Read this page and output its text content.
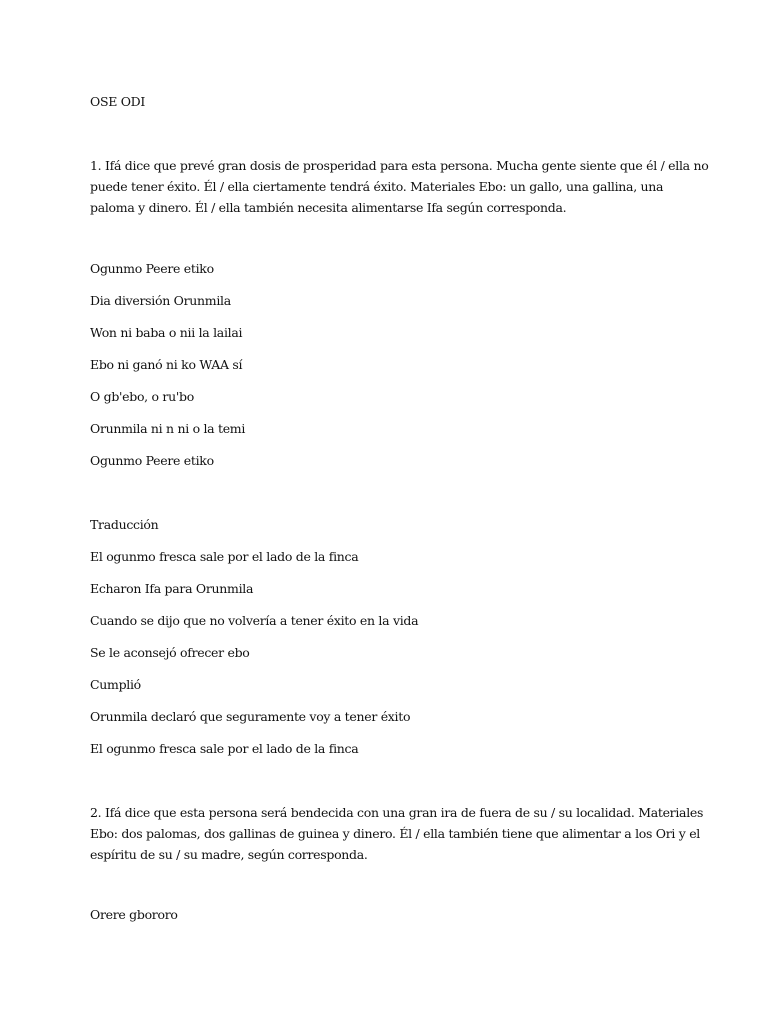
OSE ODI

1. Ifá dice que prevé gran dosis de prosperidad para esta persona. Mucha gente siente que él / ella no puede tener éxito. Él / ella ciertamente tendrá éxito. Materiales Ebo: un gallo, una gallina, una paloma y dinero. Él / ella también necesita alimentarse Ifa según corresponda.

Ogunmo Peere etiko

Dia diversión Orunmila

Won ni baba o nii la lailai

Ebo ni ganó ni ko WAA sí

O gb'ebo, o ru'bo

Orunmila ni n ni o la temi

Ogunmo Peere etiko

Traducción

El ogunmo fresca sale por el lado de la finca

Echaron Ifa para Orunmila

Cuando se dijo que no volvería a tener éxito en la vida

Se le aconsejó ofrecer ebo

Cumplió

Orunmila declaró que seguramente voy a tener éxito

El ogunmo fresca sale por el lado de la finca

2. Ifá dice que esta persona será bendecida con una gran ira de fuera de su / su localidad. Materiales Ebo: dos palomas, dos gallinas de guinea y dinero. Él / ella también tiene que alimentar a los Ori y el espíritu de su / su madre, según corresponda.

Orere gbororo
